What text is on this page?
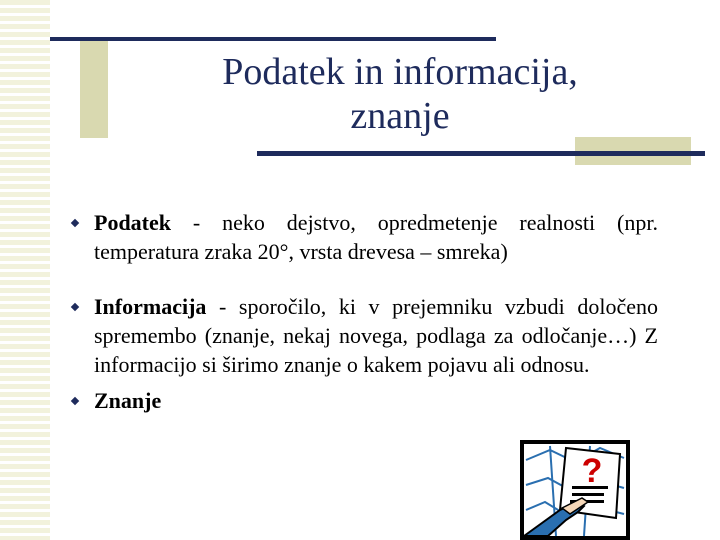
Podatek in informacija,
znanje
Podatek - neko dejstvo, opredmetenje realnosti (npr. temperatura zraka 20°, vrsta drevesa – smreka)
Informacija - sporočilo, ki v prejemniku vzbudi določeno spremembo (znanje, nekaj novega, podlaga za odločanje…) Z informacijo si širimo znanje o kakem pojavu ali odnosu.
Znanje
?
